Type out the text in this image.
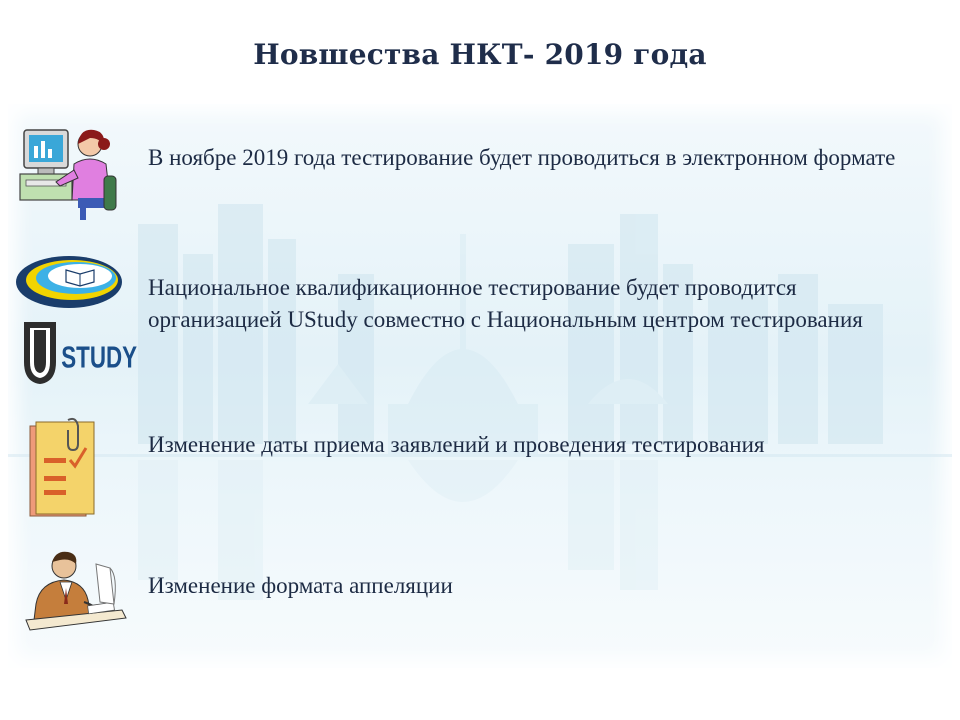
Новшества НКТ- 2019 года
В ноябре 2019 года тестирование будет проводиться в электронном формате
STUDY
Национальное квалификационное тестирование будет проводится организацией UStudy совместно с Национальным центром тестирования
Изменение даты приема заявлений и проведения тестирования
Изменение формата аппеляции
